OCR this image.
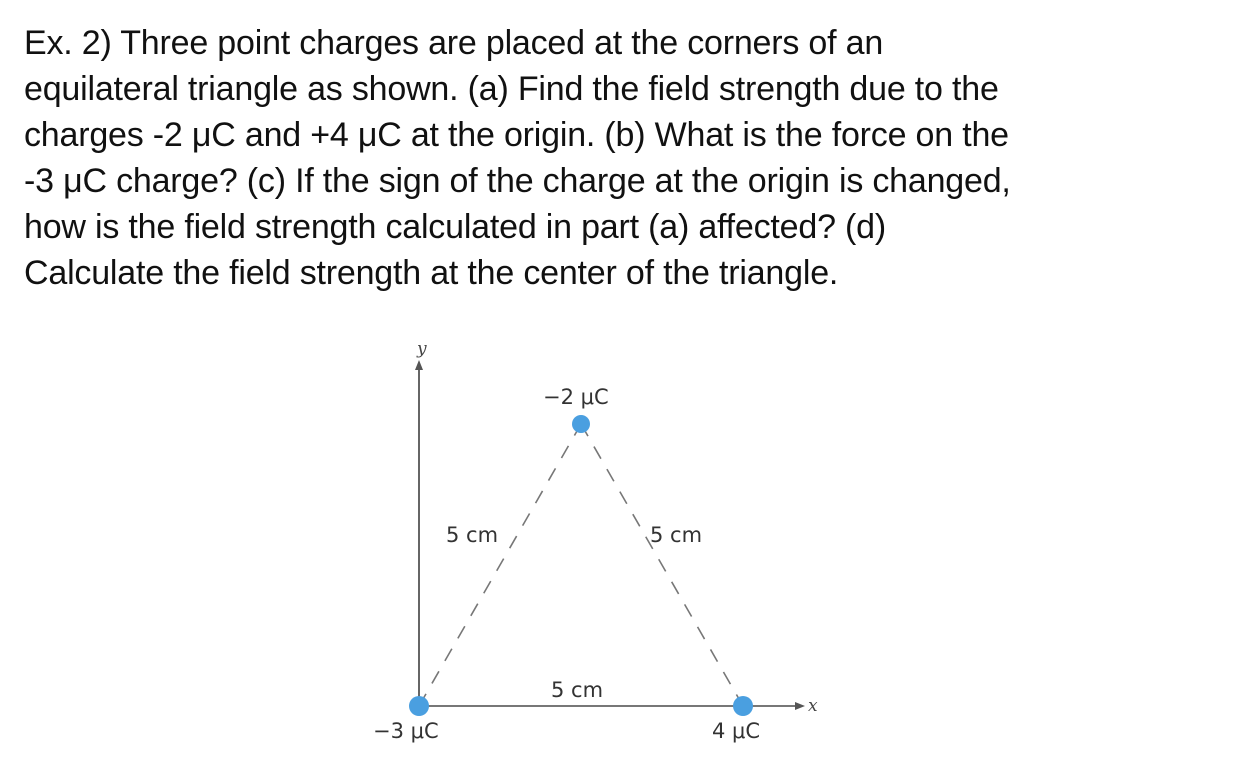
Ex. 2) Three point charges are placed at the corners of an
equilateral triangle as shown. (a) Find the field strength due to the
charges -2 μC and +4 μC at the origin. (b) What is the force on the
-3 μC charge? (c) If the sign of the charge at the origin is changed,
how is the field strength calculated in part (a) affected? (d)
Calculate the field strength at the center of the triangle.
y
x
−2 μC
−3 μC	4 μC
5 cm	5 cm
5 cm
